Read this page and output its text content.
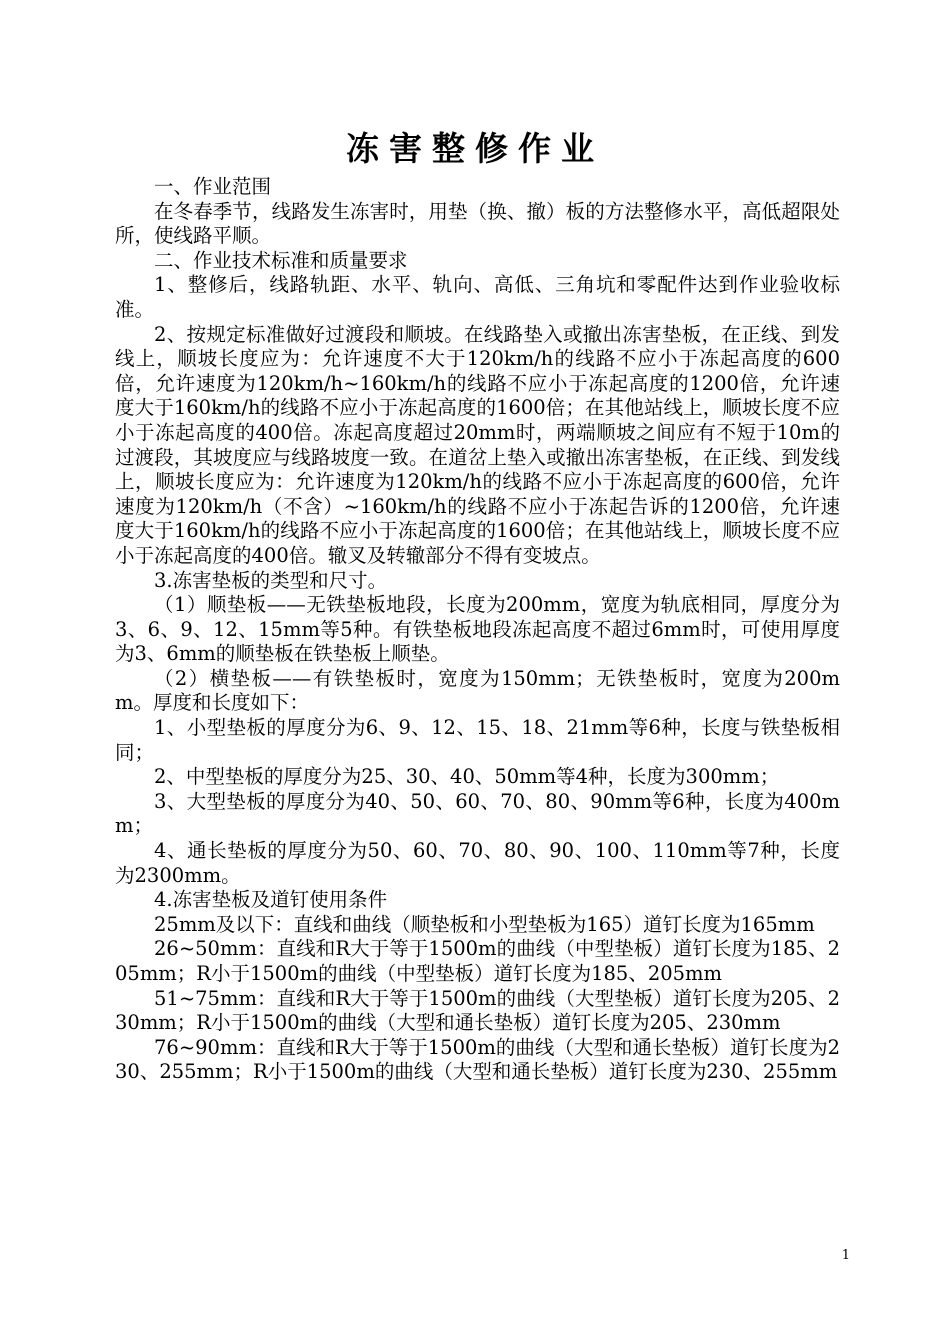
冻害整修作业

一、作业范围

在冬春季节，线路发生冻害时，用垫（换、撤）板的方法整修水平，高低超限处所，使线路平顺。

二、作业技术标准和质量要求

1、整修后，线路轨距、水平、轨向、高低、三角坑和零配件达到作业验收标准。

2、按规定标准做好过渡段和顺坡。在线路垫入或撤出冻害垫板，在正线、到发线上，顺坡长度应为：允许速度不大于120km/h的线路不应小于冻起高度的600倍，允许速度为120km/h~160km/h的线路不应小于冻起高度的1200倍，允许速度大于160km/h的线路不应小于冻起高度的1600倍；在其他站线上，顺坡长度不应小于冻起高度的400倍。冻起高度超过20mm时，两端顺坡之间应有不短于10m的过渡段，其坡度应与线路坡度一致。在道岔上垫入或撤出冻害垫板，在正线、到发线上，顺坡长度应为：允许速度为120km/h的线路不应小于冻起高度的600倍，允许速度为120km/h（不含）~160km/h的线路不应小于冻起告诉的1200倍，允许速度大于160km/h的线路不应小于冻起高度的1600倍；在其他站线上，顺坡长度不应小于冻起高度的400倍。辙叉及转辙部分不得有变坡点。

3.冻害垫板的类型和尺寸。

（1）顺垫板——无铁垫板地段，长度为200mm，宽度为轨底相同，厚度分为3、6、9、12、15mm等5种。有铁垫板地段冻起高度不超过6mm时，可使用厚度为3、6mm的顺垫板在铁垫板上顺垫。

（2）横垫板——有铁垫板时，宽度为150mm；无铁垫板时，宽度为200mm。厚度和长度如下：

1、小型垫板的厚度分为6、9、12、15、18、21mm等6种，长度与铁垫板相同；

2、中型垫板的厚度分为25、30、40、50mm等4种，长度为300mm；

3、大型垫板的厚度分为40、50、60、70、80、90mm等6种，长度为400mm；

4、通长垫板的厚度分为50、60、70、80、90、100、110mm等7种，长度为2300mm。

4.冻害垫板及道钉使用条件

25mm及以下：直线和曲线（顺垫板和小型垫板为165）道钉长度为165mm

26~50mm：直线和R大于等于1500m的曲线（中型垫板）道钉长度为185、205mm；R小于1500m的曲线（中型垫板）道钉长度为185、205mm

51~75mm：直线和R大于等于1500m的曲线（大型垫板）道钉长度为205、230mm；R小于1500m的曲线（大型和通长垫板）道钉长度为205、230mm

76~90mm：直线和R大于等于1500m的曲线（大型和通长垫板）道钉长度为230、255mm；R小于1500m的曲线（大型和通长垫板）道钉长度为230、255mm

1
